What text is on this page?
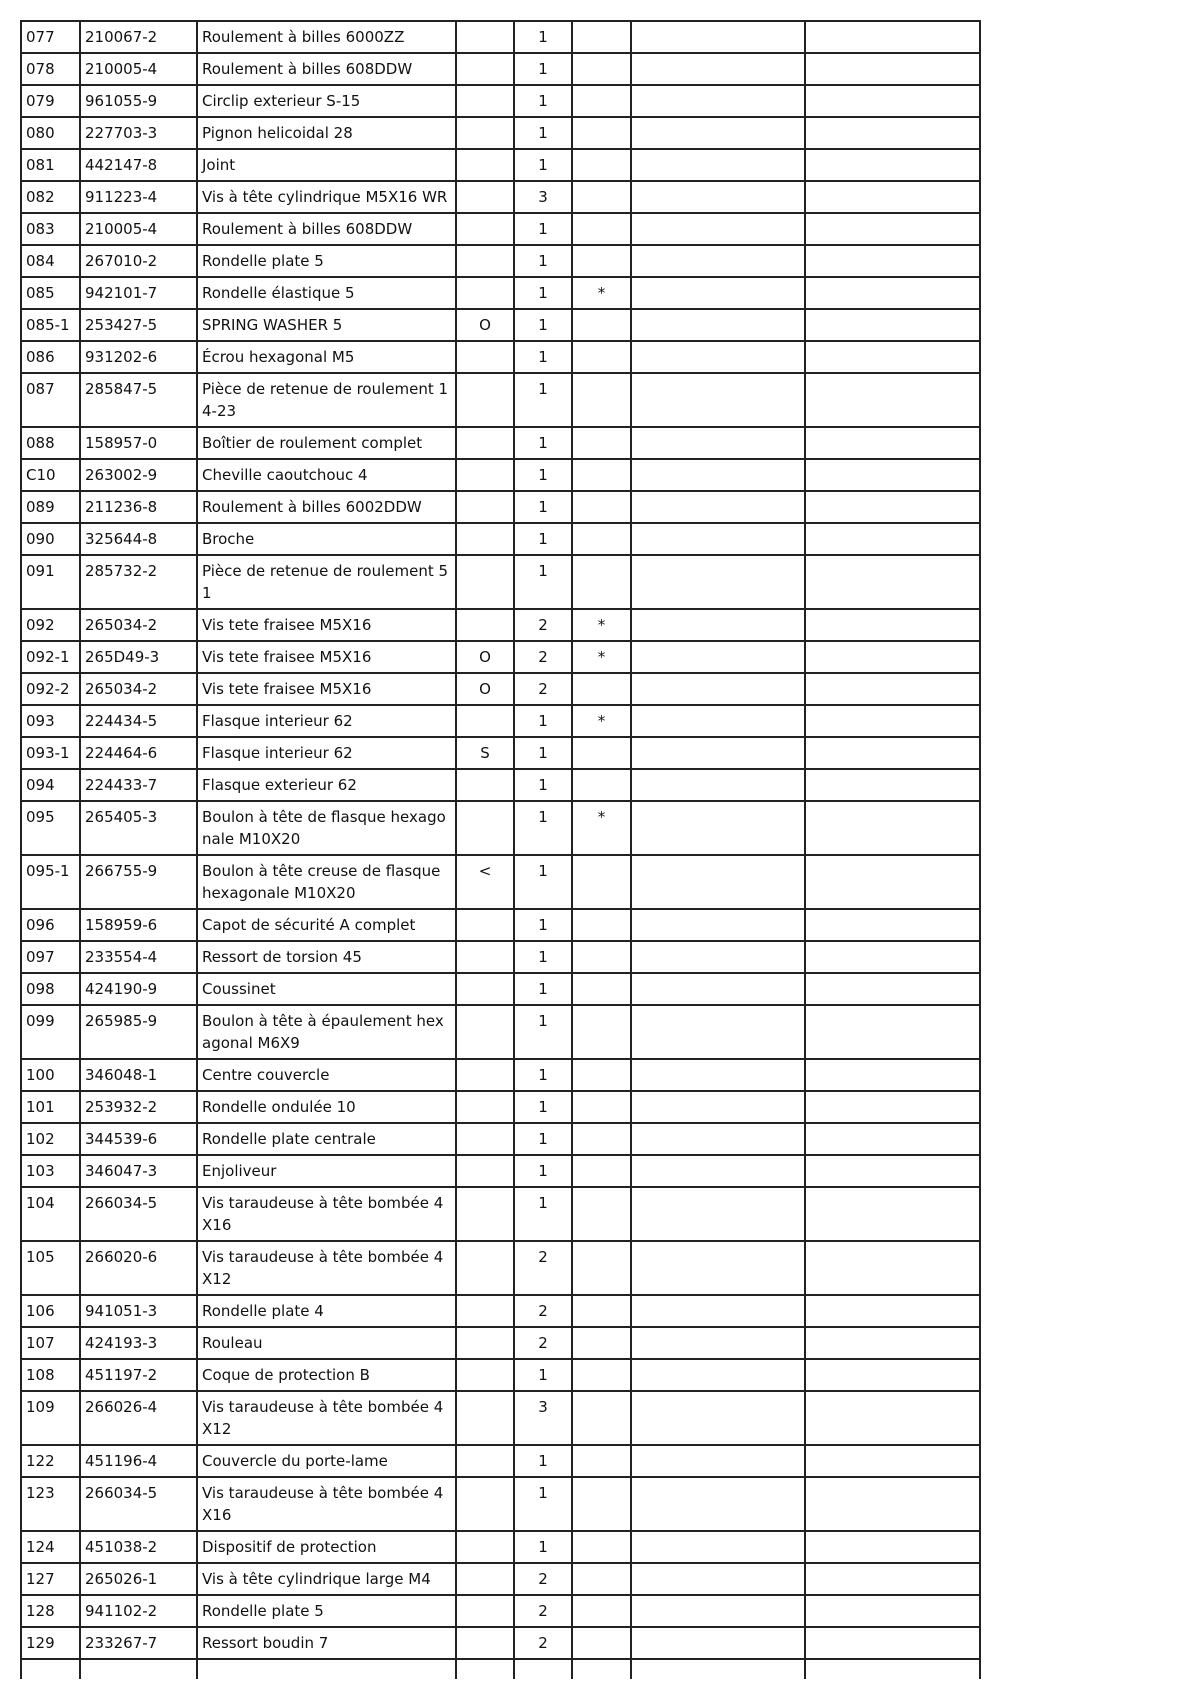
077	210067-2	Roulement à billes 6000ZZ		1			
078	210005-4	Roulement à billes 608DDW		1			
079	961055-9	Circlip exterieur S-15		1			
080	227703-3	Pignon helicoidal 28		1			
081	442147-8	Joint		1			
082	911223-4	Vis à tête cylindrique M5X16 WR		3			
083	210005-4	Roulement à billes 608DDW		1			
084	267010-2	Rondelle plate 5		1			
085	942101-7	Rondelle élastique 5		1	*		
085-1	253427-5	SPRING WASHER 5	O	1			
086	931202-6	Écrou hexagonal M5		1			
087	285847-5	Pièce de retenue de roulement 14-23		1			
088	158957-0	Boîtier de roulement complet		1			
C10	263002-9	Cheville caoutchouc 4		1			
089	211236-8	Roulement à billes 6002DDW		1			
090	325644-8	Broche		1			
091	285732-2	Pièce de retenue de roulement 51		1			
092	265034-2	Vis tete fraisee M5X16		2	*		
092-1	265D49-3	Vis tete fraisee M5X16	O	2	*		
092-2	265034-2	Vis tete fraisee M5X16	O	2			
093	224434-5	Flasque interieur 62		1	*		
093-1	224464-6	Flasque interieur 62	S	1			
094	224433-7	Flasque exterieur 62		1			
095	265405-3	Boulon à tête de flasque hexagonale M10X20		1	*		
095-1	266755-9	Boulon à tête creuse de flasque hexagonale M10X20	<	1			
096	158959-6	Capot de sécurité A complet		1			
097	233554-4	Ressort de torsion 45		1			
098	424190-9	Coussinet		1			
099	265985-9	Boulon à tête à épaulement hexagonal M6X9		1			
100	346048-1	Centre couvercle		1			
101	253932-2	Rondelle ondulée 10		1			
102	344539-6	Rondelle plate centrale		1			
103	346047-3	Enjoliveur		1			
104	266034-5	Vis taraudeuse à tête bombée 4X16		1			
105	266020-6	Vis taraudeuse à tête bombée 4X12		2			
106	941051-3	Rondelle plate 4		2			
107	424193-3	Rouleau		2			
108	451197-2	Coque de protection B		1			
109	266026-4	Vis taraudeuse à tête bombée 4X12		3			
122	451196-4	Couvercle du porte-lame		1			
123	266034-5	Vis taraudeuse à tête bombée 4X16		1			
124	451038-2	Dispositif de protection		1			
127	265026-1	Vis à tête cylindrique large M4		2			
128	941102-2	Rondelle plate 5		2			
129	233267-7	Ressort boudin 7		2			
